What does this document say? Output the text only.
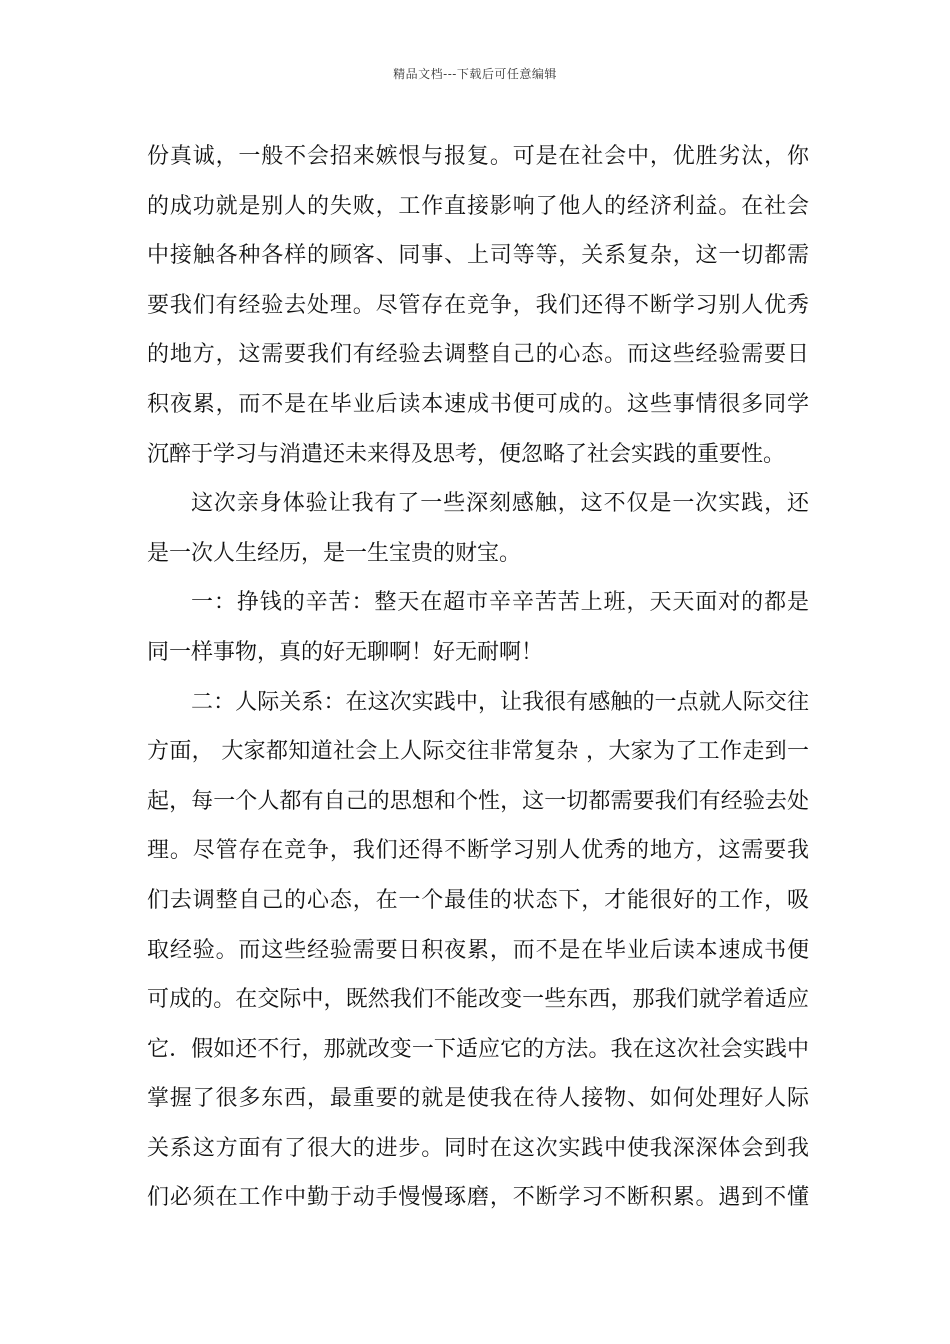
精品文档---下载后可任意编辑
份真诚，一般不会招来嫉恨与报复。可是在社会中，优胜劣汰，你
的成功就是别人的失败，工作直接影响了他人的经济利益。在社会
中接触各种各样的顾客、同事、上司等等，关系复杂，这一切都需
要我们有经验去处理。尽管存在竞争，我们还得不断学习别人优秀
的地方，这需要我们有经验去调整自己的心态。而这些经验需要日
积夜累，而不是在毕业后读本速成书便可成的。这些事情很多同学
沉醉于学习与消遣还未来得及思考，便忽略了社会实践的重要性。
这次亲身体验让我有了一些深刻感触，这不仅是一次实践，还
是一次人生经历，是一生宝贵的财宝。
一：挣钱的辛苦：整天在超市辛辛苦苦上班，天天面对的都是
同一样事物，真的好无聊啊！好无耐啊！
二：人际关系：在这次实践中，让我很有感触的一点就人际交往
方面， 大家都知道社会上人际交往非常复杂 ，大家为了工作走到一
起，每一个人都有自己的思想和个性，这一切都需要我们有经验去处
理。尽管存在竞争，我们还得不断学习别人优秀的地方，这需要我
们去调整自己的心态，在一个最佳的状态下，才能很好的工作，吸
取经验。而这些经验需要日积夜累，而不是在毕业后读本速成书便
可成的。在交际中，既然我们不能改变一些东西，那我们就学着适应
它．假如还不行，那就改变一下适应它的方法。我在这次社会实践中
掌握了很多东西，最重要的就是使我在待人接物、如何处理好人际
关系这方面有了很大的进步。同时在这次实践中使我深深体会到我
们必须在工作中勤于动手慢慢琢磨，不断学习不断积累。遇到不懂
